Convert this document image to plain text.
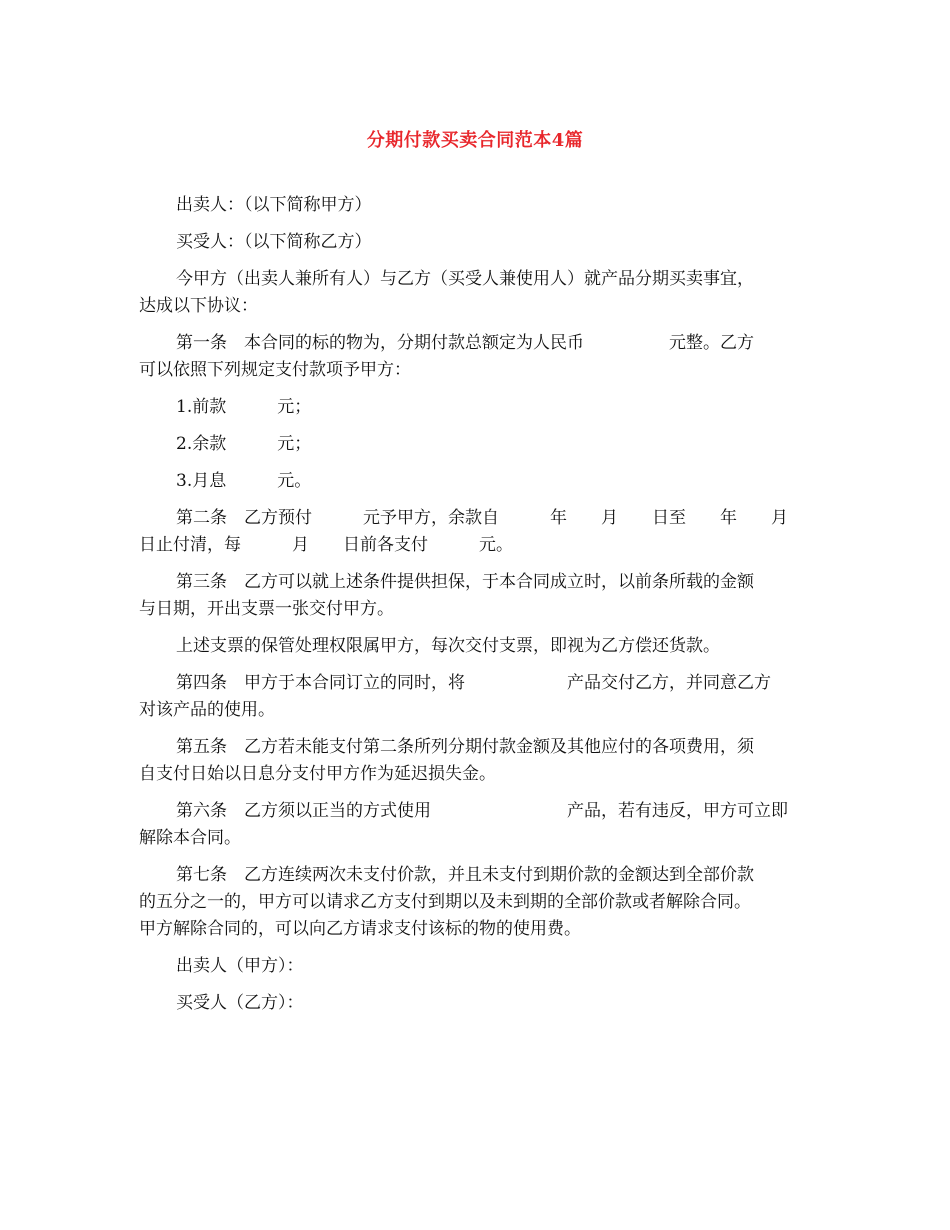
分期付款买卖合同范本4篇
出卖人：（以下简称甲方）
买受人：（以下简称乙方）
今甲方（出卖人兼所有人）与乙方（买受人兼使用人）就产品分期买卖事宜，
达成以下协议：
第一条　本合同的标的物为，分期付款总额定为人民币　　　　　元整。乙方
可以依照下列规定支付款项予甲方：
1.前款　　　元；
2.余款　　　元；
3.月息　　　元。
第二条　乙方预付　　　元予甲方，余款自　　　年　　月　　日至　　年　　月
日止付清，每　　　月　　日前各支付　　　元。
第三条　乙方可以就上述条件提供担保，于本合同成立时，以前条所载的金额
与日期，开出支票一张交付甲方。
上述支票的保管处理权限属甲方，每次交付支票，即视为乙方偿还货款。
第四条　甲方于本合同订立的同时，将　　　　　　产品交付乙方，并同意乙方
对该产品的使用。
第五条　乙方若未能支付第二条所列分期付款金额及其他应付的各项费用，须
自支付日始以日息分支付甲方作为延迟损失金。
第六条　乙方须以正当的方式使用　　　　　　　　产品，若有违反，甲方可立即
解除本合同。
第七条　乙方连续两次未支付价款，并且未支付到期价款的金额达到全部价款
的五分之一的，甲方可以请求乙方支付到期以及未到期的全部价款或者解除合同。
甲方解除合同的，可以向乙方请求支付该标的物的使用费。
出卖人（甲方）：
买受人（乙方）：
